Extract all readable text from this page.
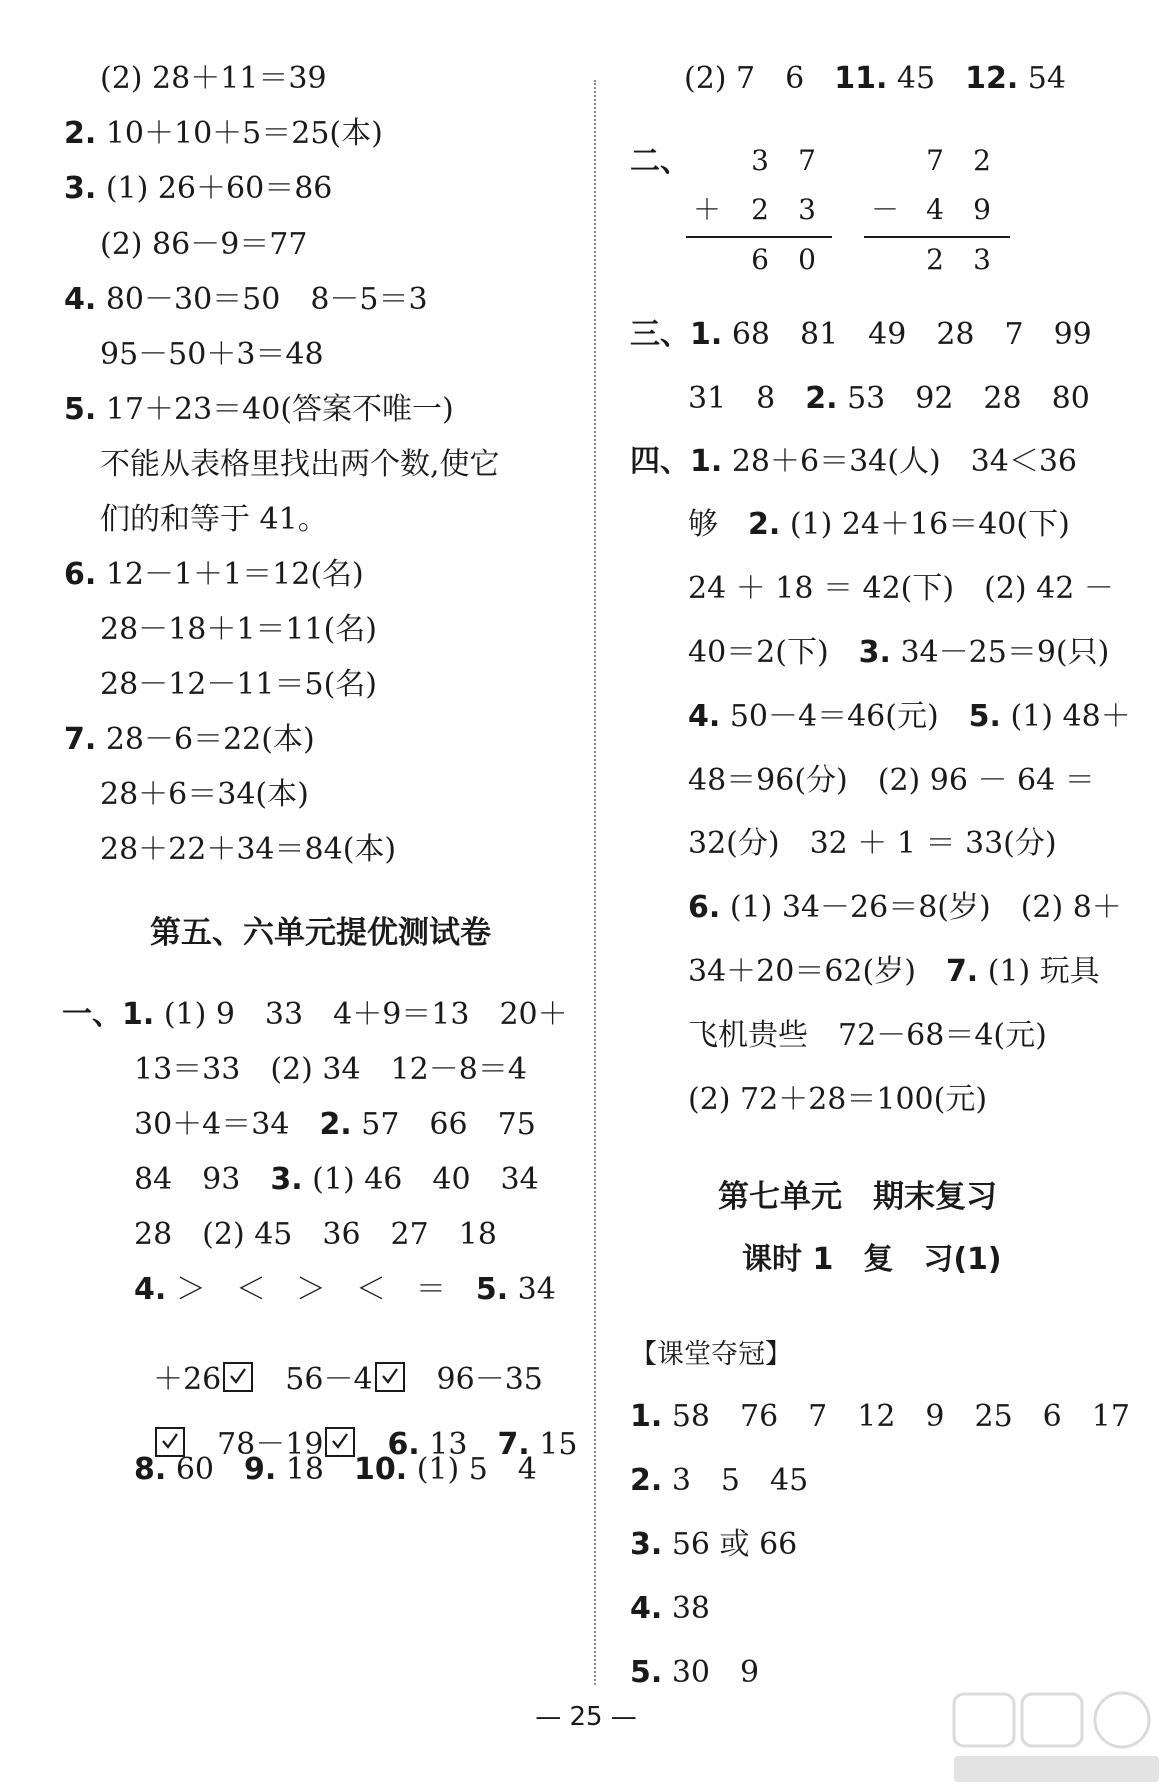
(2) 28＋11＝39
2. 10＋10＋5＝25(本)
3. (1) 26＋60＝86
(2) 86－9＝77
4. 80－30＝50　8－5＝3
95－50＋3＝48
5. 17＋23＝40(答案不唯一)
不能从表格里找出两个数,使它
们的和等于 41。
6. 12－1＋1＝12(名)
28－18＋1＝11(名)
28－12－11＝5(名)
7. 28－6＝22(本)
28＋6＝34(本)
28＋22＋34＝84(本)
第五、六单元提优测试卷
一、1. (1) 9　33　4＋9＝13　20＋
13＝33　(2) 34　12－8＝4
30＋4＝34　2. 57　66　75
84　93　3. (1) 46　40　34
28　(2) 45　36　27　18
4. ＞　＜　＞　＜　＝　5. 34

＋26
　56－4
　96－35

　78－19
　 6. 13　7. 15

8. 60　9. 18　10. (1) 5　4
(2) 7　6　11. 45　12. 54
二、 3 7
＋ 2 3
6 0
7 2
－ 4 9
2 3
三、1. 68　81　49　28　7　99
31　8　2. 53　92　28　80
四、1. 28＋6＝34(人)　34＜36
够　2. (1) 24＋16＝40(下)
24 ＋ 18 ＝ 42(下)　(2) 42 －
40＝2(下)　3. 34－25＝9(只)
4. 50－4＝46(元)　5. (1) 48＋
48＝96(分)　(2) 96 － 64 ＝
32(分)　32 ＋ 1 ＝ 33(分)
6. (1) 34－26＝8(岁)　(2) 8＋
34＋20＝62(岁)　7. (1) 玩具
飞机贵些　72－68＝4(元)
(2) 72＋28＝100(元)
第七单元　期末复习
课时 1　复　习(1)
【课堂夺冠】
1. 58　76　7　12　9　25　6　17
2. 3　5　45
3. 56 或 66
4. 38
5. 30　9
— 25 —
